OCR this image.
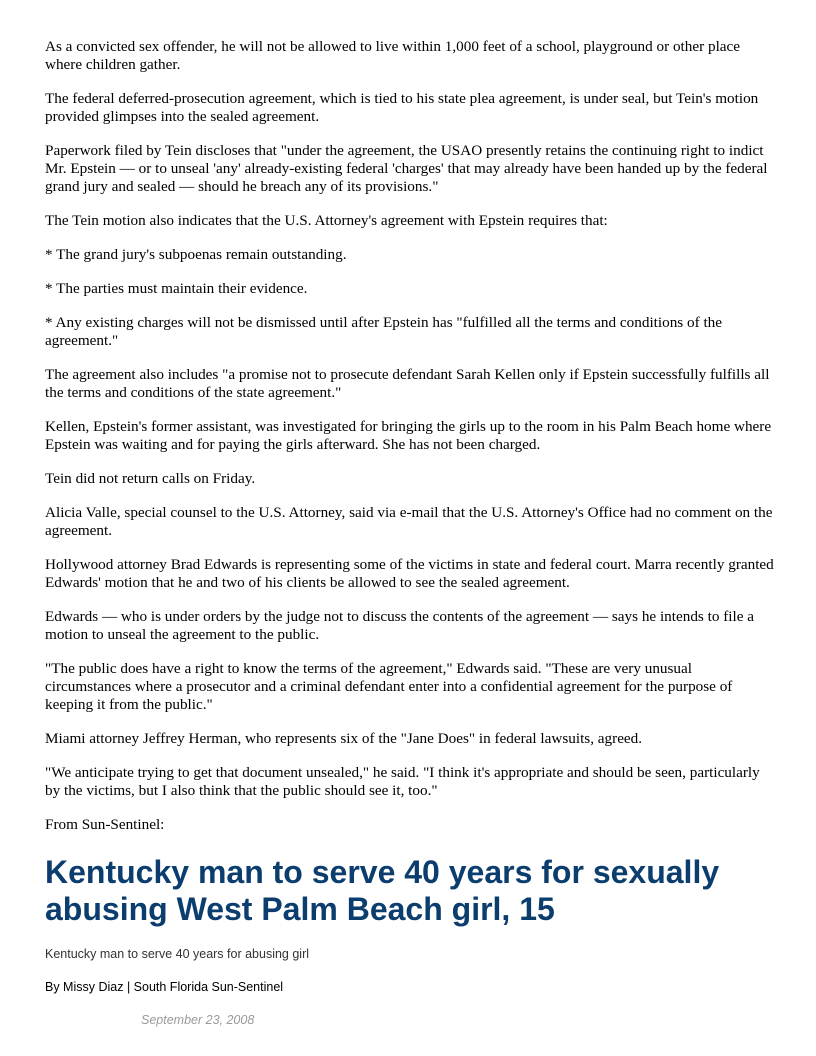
As a convicted sex offender, he will not be allowed to live within 1,000 feet of a school, playground or other place where children gather.

The federal deferred-prosecution agreement, which is tied to his state plea agreement, is under seal, but Tein's motion provided glimpses into the sealed agreement.

Paperwork filed by Tein discloses that "under the agreement, the USAO presently retains the continuing right to indict Mr. Epstein — or to unseal 'any' already-existing federal 'charges' that may already have been handed up by the federal grand jury and sealed — should he breach any of its provisions."

The Tein motion also indicates that the U.S. Attorney's agreement with Epstein requires that:

* The grand jury's subpoenas remain outstanding.

* The parties must maintain their evidence.

* Any existing charges will not be dismissed until after Epstein has "fulfilled all the terms and conditions of the agreement."

The agreement also includes "a promise not to prosecute defendant Sarah Kellen only if Epstein successfully fulfills all the terms and conditions of the state agreement."

Kellen, Epstein's former assistant, was investigated for bringing the girls up to the room in his Palm Beach home where Epstein was waiting and for paying the girls afterward. She has not been charged.

Tein did not return calls on Friday.

Alicia Valle, special counsel to the U.S. Attorney, said via e-mail that the U.S. Attorney's Office had no comment on the agreement.

Hollywood attorney Brad Edwards is representing some of the victims in state and federal court. Marra recently granted Edwards' motion that he and two of his clients be allowed to see the sealed agreement.

Edwards — who is under orders by the judge not to discuss the contents of the agreement — says he intends to file a motion to unseal the agreement to the public.

"The public does have a right to know the terms of the agreement," Edwards said. "These are very unusual circumstances where a prosecutor and a criminal defendant enter into a confidential agreement for the purpose of keeping it from the public."

Miami attorney Jeffrey Herman, who represents six of the "Jane Does" in federal lawsuits, agreed.

"We anticipate trying to get that document unsealed," he said. "I think it's appropriate and should be seen, particularly by the victims, but I also think that the public should see it, too."

From Sun-Sentinel:

Kentucky man to serve 40 years for sexually abusing West Palm Beach girl, 15
Kentucky man to serve 40 years for abusing girl
By Missy Diaz | South Florida Sun-Sentinel
September 23, 2008
